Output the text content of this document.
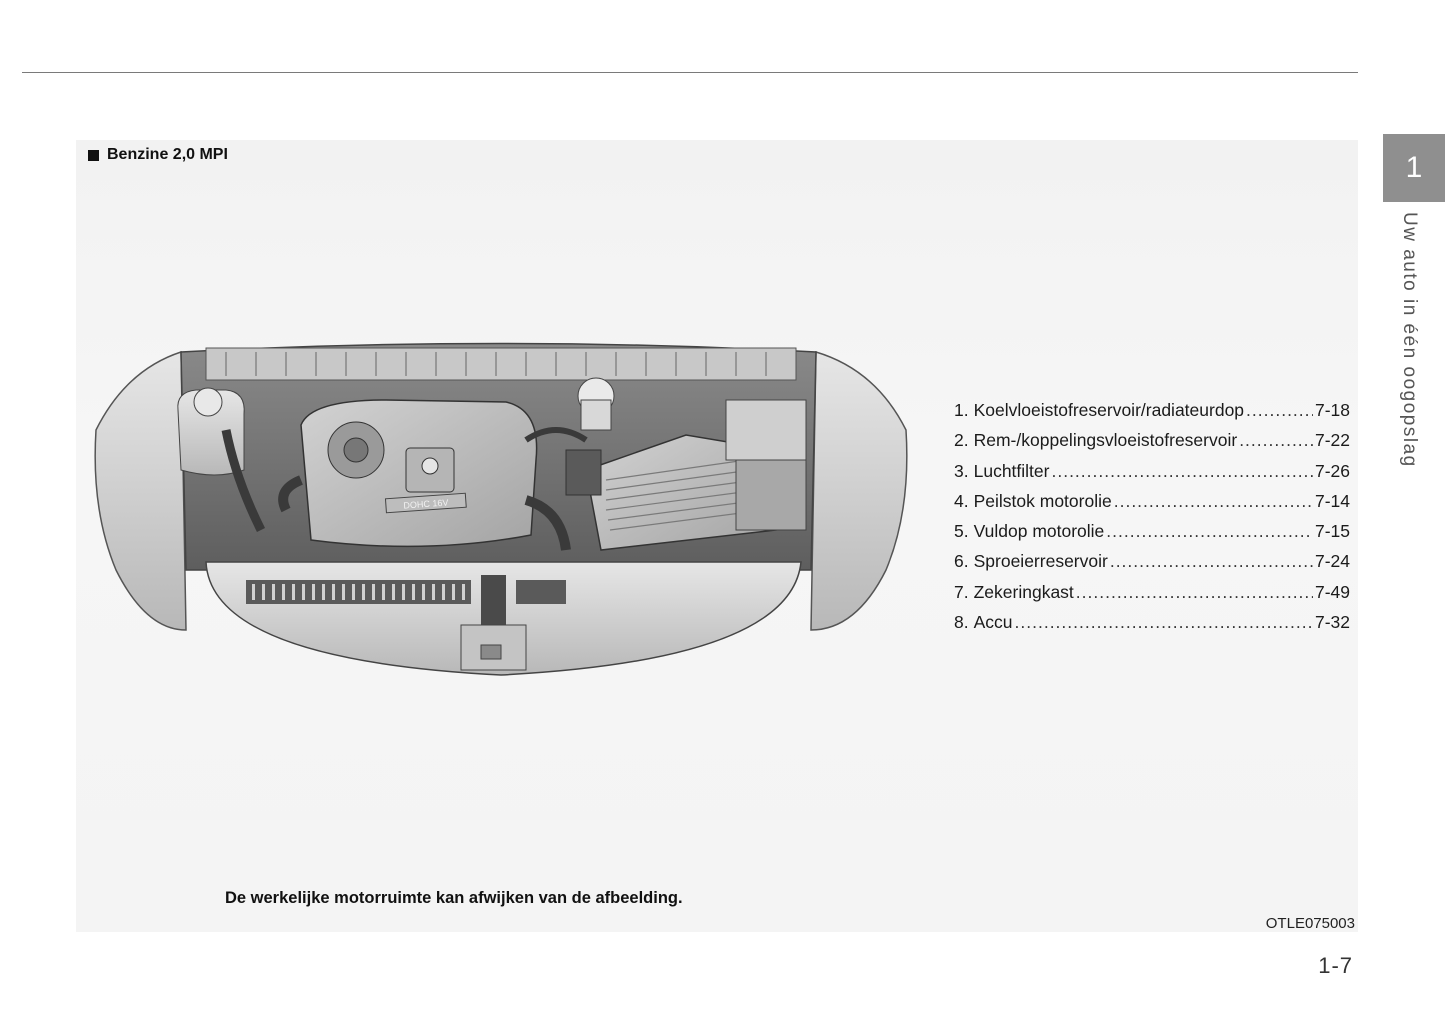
Benzine 2,0 MPI
DOHC 16V
1. Koelvloeistofreservoir/radiateurdop .....	7-18
2. Rem-/koppelingsvloeistofreservoir .....	7-22
3. Luchtfilter .....	7-26
4. Peilstok motorolie .....	7-14
5. Vuldop motorolie .....	7-15
6. Sproeierreservoir .....	7-24
7. Zekeringkast .....	7-49
8. Accu .....	7-32
De werkelijke motorruimte kan afwijken van de afbeelding.
OTLE075003
1-7
1
Uw auto in één oogopslag
